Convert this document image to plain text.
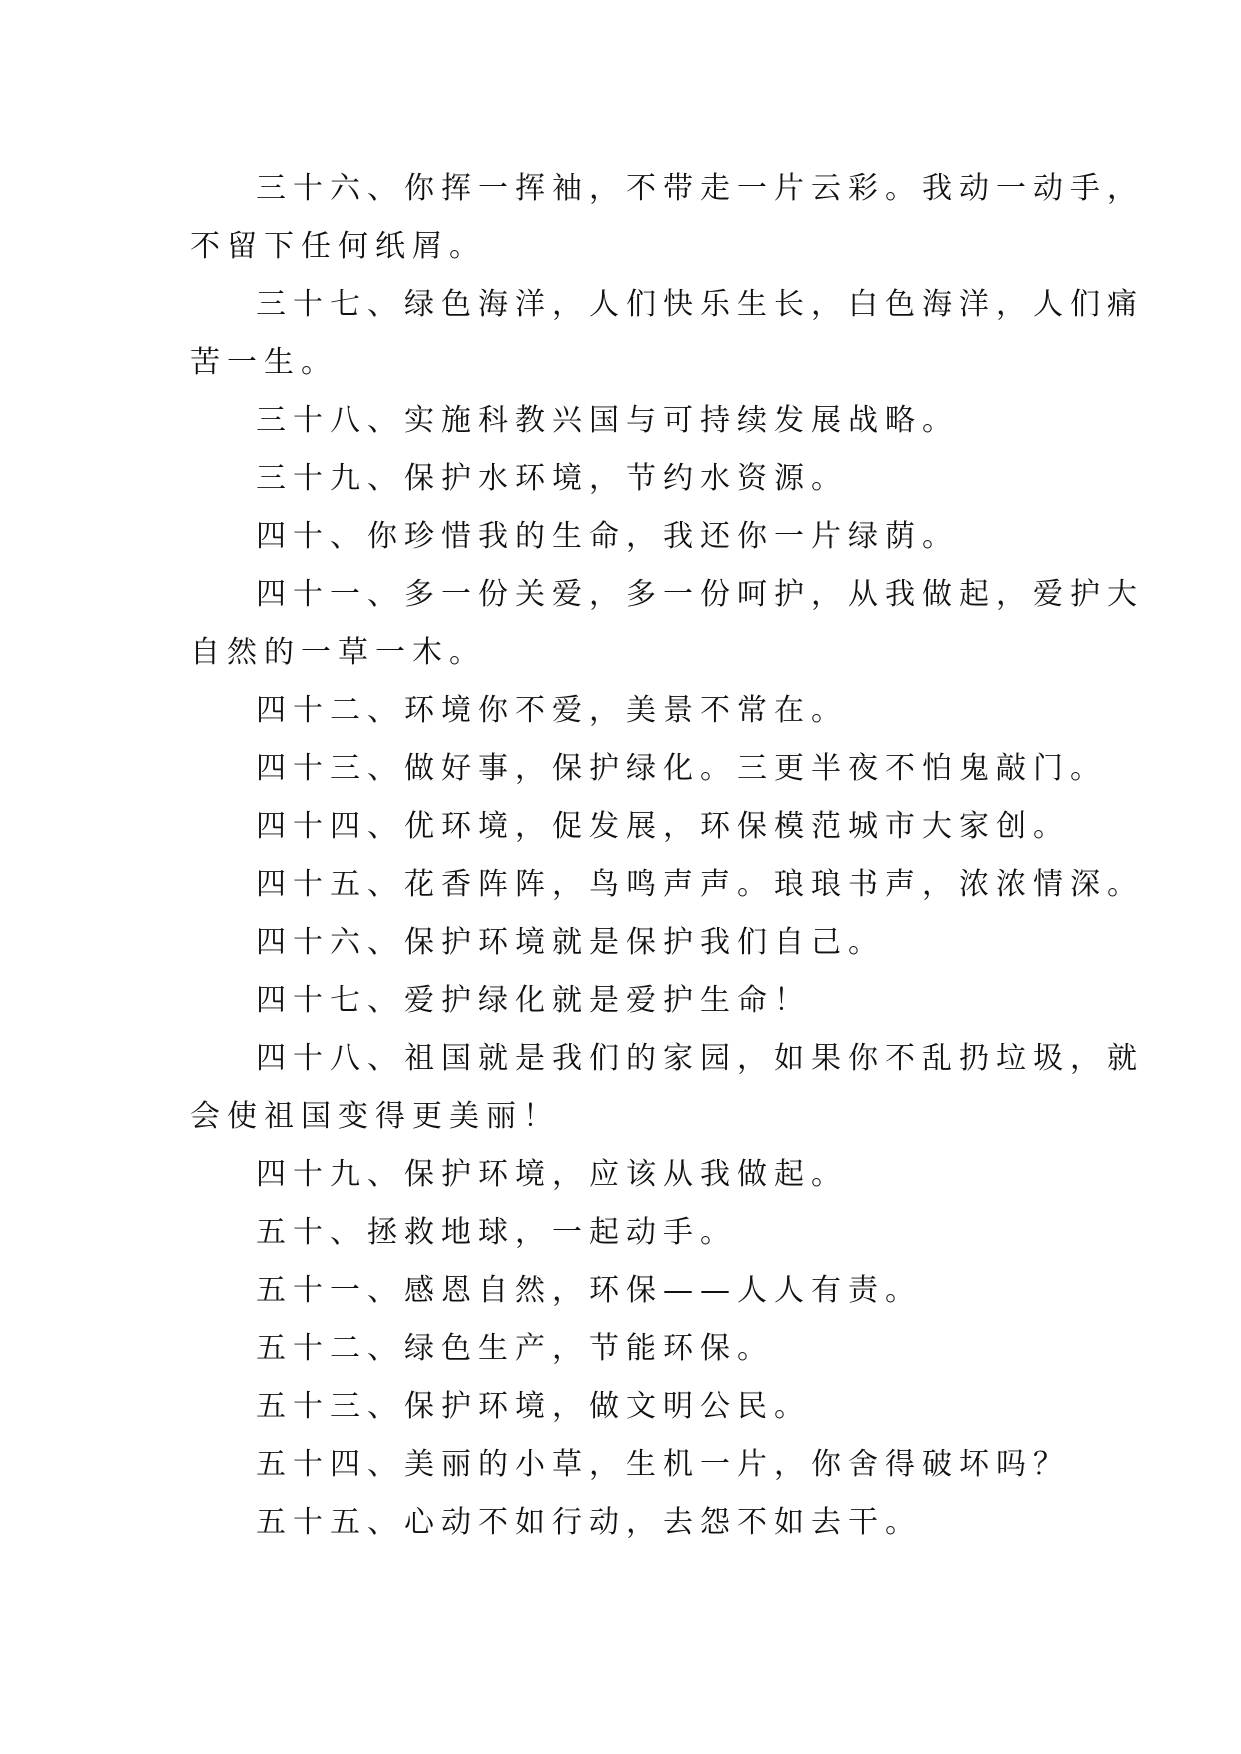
三十六、你挥一挥袖，不带走一片云彩。我动一动手，
不留下任何纸屑。

三十七、绿色海洋，人们快乐生长，白色海洋，人们痛
苦一生。

三十八、实施科教兴国与可持续发展战略。

三十九、保护水环境，节约水资源。

四十、你珍惜我的生命，我还你一片绿荫。

四十一、多一份关爱，多一份呵护，从我做起，爱护大
自然的一草一木。

四十二、环境你不爱，美景不常在。

四十三、做好事，保护绿化。三更半夜不怕鬼敲门。

四十四、优环境，促发展，环保模范城市大家创。

四十五、花香阵阵，鸟鸣声声。琅琅书声，浓浓情深。

四十六、保护环境就是保护我们自己。

四十七、爱护绿化就是爱护生命！

四十八、祖国就是我们的家园，如果你不乱扔垃圾，就
会使祖国变得更美丽！

四十九、保护环境，应该从我做起。

五十、拯救地球，一起动手。

五十一、感恩自然，环保——人人有责。

五十二、绿色生产，节能环保。

五十三、保护环境，做文明公民。

五十四、美丽的小草，生机一片，你舍得破坏吗？

五十五、心动不如行动，去怨不如去干。
